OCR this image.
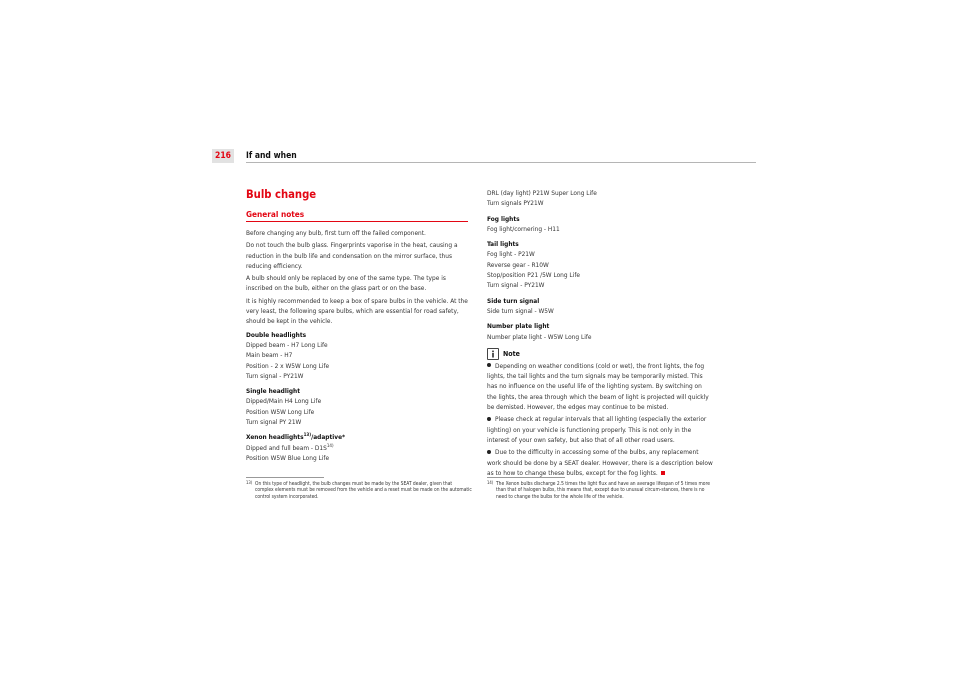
216	If and when
Bulb change
General notes

Before changing any bulb, first turn off the failed component.

Do not touch the bulb glass. Fingerprints vaporise in the heat, causing a reduction in the bulb life and condensation on the mirror surface, thus reducing efficiency.

A bulb should only be replaced by one of the same type. The type is inscribed on the bulb, either on the glass part or on the base.

It is highly recommended to keep a box of spare bulbs in the vehicle. At the very least, the following spare bulbs, which are essential for road safety, should be kept in the vehicle.

Double headlights
Dipped beam - H7 Long Life
Main beam - H7
Position - 2 x W5W Long Life
Turn signal - PY21W
Single headlight
Dipped/Main H4 Long Life
Position W5W Long Life
Turn signal PY 21W
Xenon headlights$^{13)}$/adaptive*
Dipped and full beam - $D1S^{14)}$
Position W5W Blue Long Life
DRL (day light) P21W Super Long Life
Turn signals PY21W
Fog lights
Fog light/cornering - H11
Tail lights
Fog light - P21W
Reverse gear - R10W
Stop/position P21 /5W Long Life
Turn signal - PY21W
Side turn signal
Side turn signal - W5W
Number plate light
Number plate light - W5W Long Life
Note

Depending on weather conditions (cold or wet), the front lights, the fog lights, the tail lights and the turn signals may be temporarily misted. This has no influence on the useful life of the lighting system. By switching on the lights, the area through which the beam of light is projected will quickly be demisted. However, the edges may continue to be misted.

Please check at regular intervals that all lighting (especially the exterior lighting) on your vehicle is functioning properly. This is not only in the interest of your own safety, but also that of all other road users.

Due to the difficulty in accessing some of the bulbs, any replacement work should be done by a SEAT dealer. However, there is a description below as to how to change these bulbs, except for the fog lights.

13) On this type of headlight, the bulb changes must be made by the SEAT dealer, given that complex elements must be removed from the vehicle and a reset must be made on the automatic control system incorporated.
14) The Xenon bulbs discharge 2.5 times the light flux and have an average lifespan of 5 times more than that of halogen bulbs, this means that, except due to unusual circum-stances, there is no need to change the bulbs for the whole life of the vehicle.
